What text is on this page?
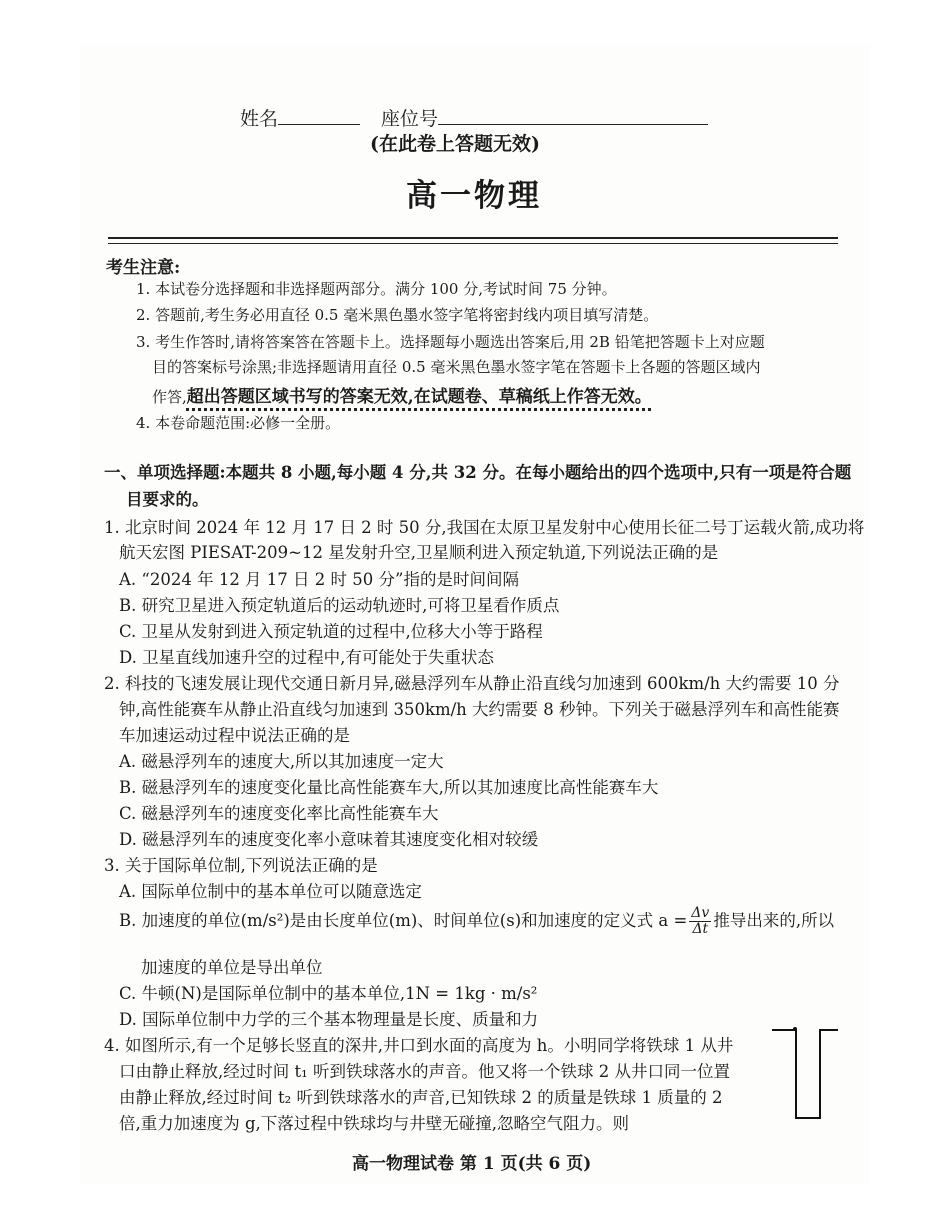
姓名	座位号
(在此卷上答题无效)
高一物理
考生注意:
1. 本试卷分选择题和非选择题两部分。满分 100 分,考试时间 75 分钟。
2. 答题前,考生务必用直径 0.5 毫米黑色墨水签字笔将密封线内项目填写清楚。
3. 考生作答时,请将答案答在答题卡上。选择题每小题选出答案后,用 2B 铅笔把答题卡上对应题
目的答案标号涂黑;非选择题请用直径 0.5 毫米黑色墨水签字笔在答题卡上各题的答题区域内
作答,超出答题区域书写的答案无效,在试题卷、草稿纸上作答无效。
4. 本卷命题范围:必修一全册。
一、单项选择题:本题共 8 小题,每小题 4 分,共 32 分。在每小题给出的四个选项中,只有一项是符合题
目要求的。
1. 北京时间 2024 年 12 月 17 日 2 时 50 分,我国在太原卫星发射中心使用长征二号丁运载火箭,成功将
航天宏图 PIESAT-209~12 星发射升空,卫星顺利进入预定轨道,下列说法正确的是
A. “2024 年 12 月 17 日 2 时 50 分”指的是时间间隔
B. 研究卫星进入预定轨道后的运动轨迹时,可将卫星看作质点
C. 卫星从发射到进入预定轨道的过程中,位移大小等于路程
D. 卫星直线加速升空的过程中,有可能处于失重状态
2. 科技的飞速发展让现代交通日新月异,磁悬浮列车从静止沿直线匀加速到 600km/h 大约需要 10 分
钟,高性能赛车从静止沿直线匀加速到 350km/h 大约需要 8 秒钟。下列关于磁悬浮列车和高性能赛
车加速运动过程中说法正确的是
A. 磁悬浮列车的速度大,所以其加速度一定大
B. 磁悬浮列车的速度变化量比高性能赛车大,所以其加速度比高性能赛车大
C. 磁悬浮列车的速度变化率比高性能赛车大
D. 磁悬浮列车的速度变化率小意味着其速度变化相对较缓
3. 关于国际单位制,下列说法正确的是
A. 国际单位制中的基本单位可以随意选定
B. 加速度的单位(m/s²)是由长度单位(m)、时间单位(s)和加速度的定义式 $a = \frac{\Delta v}{\Delta t}$ 推导出来的,所以
加速度的单位是导出单位
C. 牛顿(N)是国际单位制中的基本单位,1N = 1kg · m/s²
D. 国际单位制中力学的三个基本物理量是长度、质量和力
4. 如图所示,有一个足够长竖直的深井,井口到水面的高度为 h。小明同学将铁球 1 从井
口由静止释放,经过时间 t₁ 听到铁球落水的声音。他又将一个铁球 2 从井口同一位置
由静止释放,经过时间 t₂ 听到铁球落水的声音,已知铁球 2 的质量是铁球 1 质量的 2
倍,重力加速度为 g,下落过程中铁球均与井壁无碰撞,忽略空气阻力。则
高一物理试卷 第 1 页(共 6 页)
